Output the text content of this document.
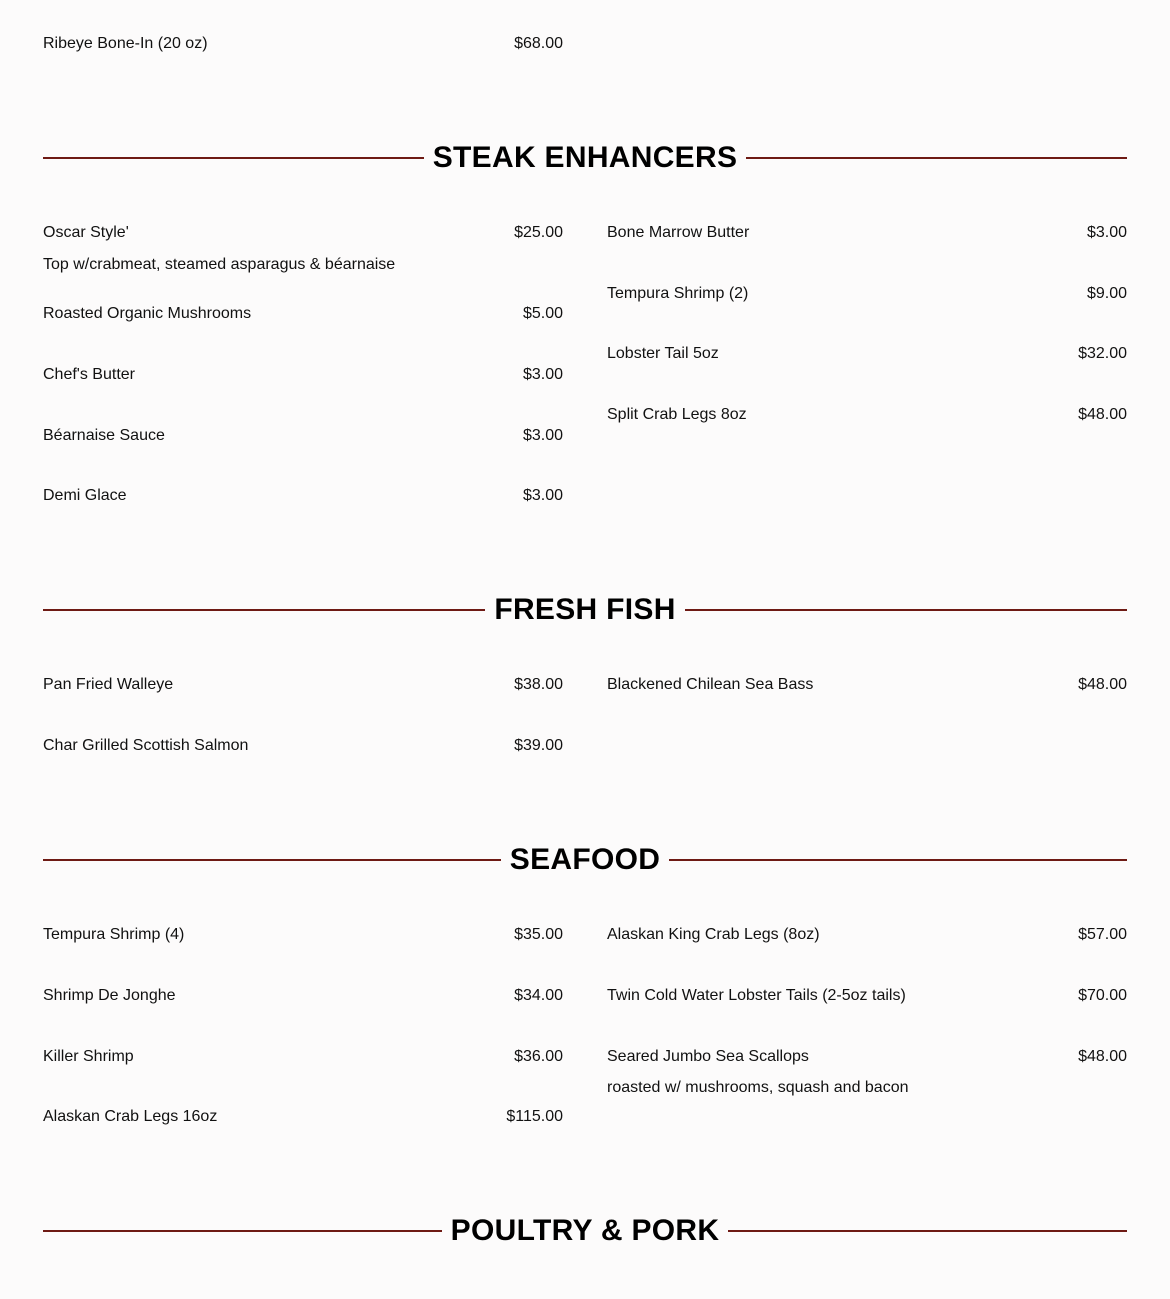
Ribeye Bone-In (20 oz)	$68.00
STEAK ENHANCERS
Oscar Style'	$25.00
Top w/crabmeat, steamed asparagus & béarnaise
Roasted Organic Mushrooms	$5.00
Chef's Butter	$3.00
Béarnaise Sauce	$3.00
Demi Glace	$3.00
Bone Marrow Butter	$3.00
Tempura Shrimp (2)	$9.00
Lobster Tail 5oz	$32.00
Split Crab Legs 8oz	$48.00
FRESH FISH
Pan Fried Walleye	$38.00
Char Grilled Scottish Salmon	$39.00
Blackened Chilean Sea Bass	$48.00
SEAFOOD
Tempura Shrimp (4)	$35.00
Shrimp De Jonghe	$34.00
Killer Shrimp	$36.00
Alaskan Crab Legs 16oz	$115.00
Alaskan King Crab Legs (8oz)	$57.00
Twin Cold Water Lobster Tails (2-5oz tails)	$70.00
Seared Jumbo Sea Scallops	$48.00
roasted w/ mushrooms, squash and bacon
POULTRY & PORK
